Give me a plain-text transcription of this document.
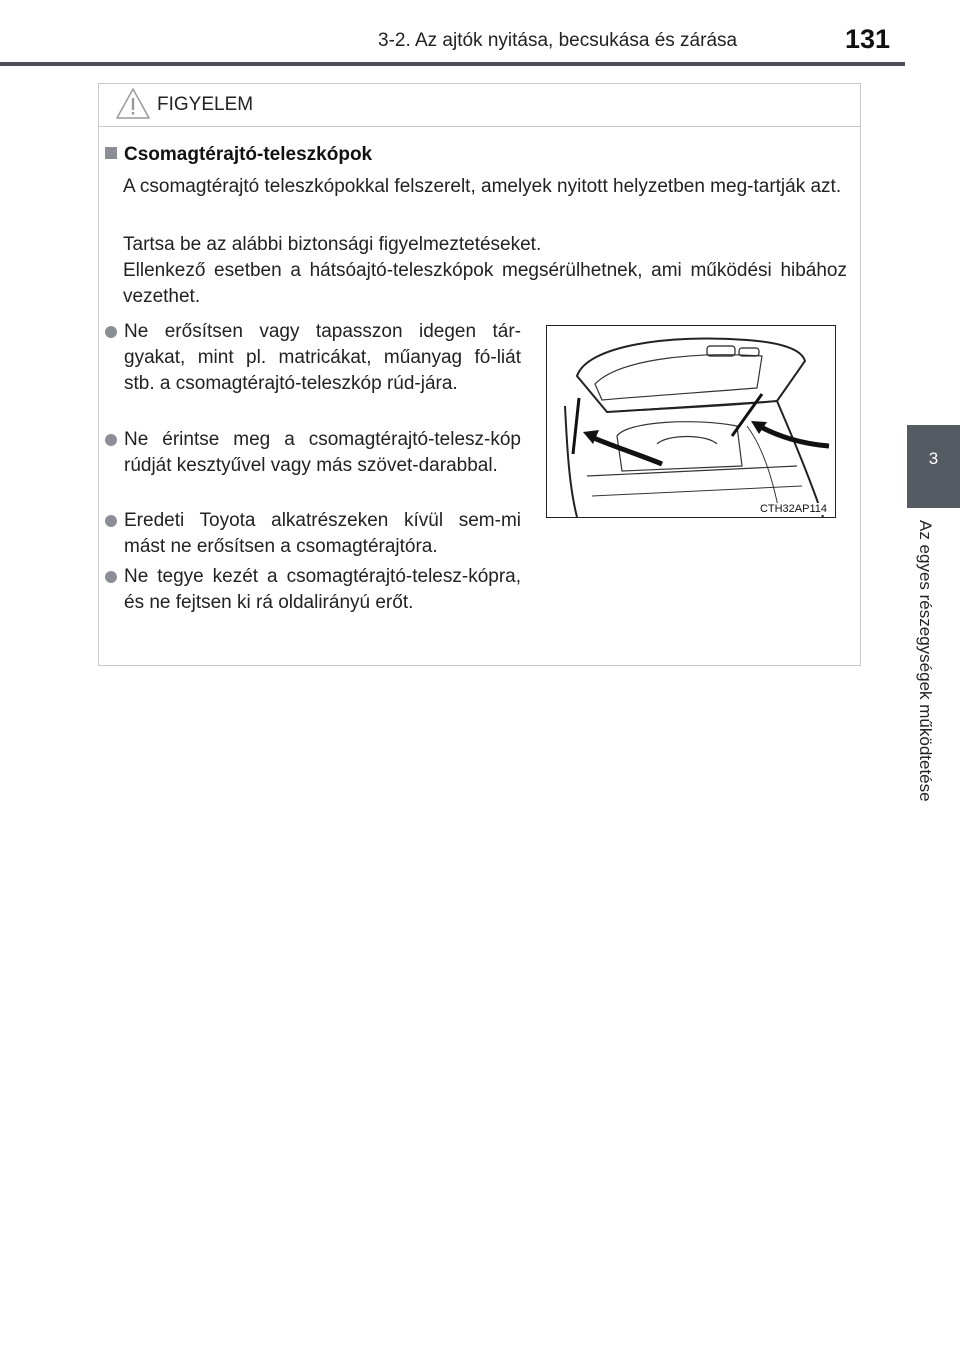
3-2. Az ajtók nyitása, becsukása és zárása	131
3
Az egyes részegységek működtetése
FIGYELEM
Csomagtérajtó-teleszkópok
A csomagtérajtó teleszkópokkal felszerelt, amelyek nyitott helyzetben meg-tartják azt.
Tartsa be az alábbi biztonsági figyelmeztetéseket.
Ellenkező esetben a hátsóajtó-teleszkópok megsérülhetnek, ami működési hibához vezethet.
Ne erősítsen vagy tapasszon idegen tár-gyakat, mint pl. matricákat, műanyag fó-liát stb. a csomagtérajtó-teleszkóp rúd-jára.
Ne érintse meg a csomagtérajtó-telesz-kóp rúdját kesztyűvel vagy más szövet-darabbal.
Eredeti Toyota alkatrészeken kívül sem-mi mást ne erősítsen a csomagtérajtóra.
Ne tegye kezét a csomagtérajtó-telesz-kópra, és ne fejtsen ki rá oldalirányú erőt.
CTH32AP114
